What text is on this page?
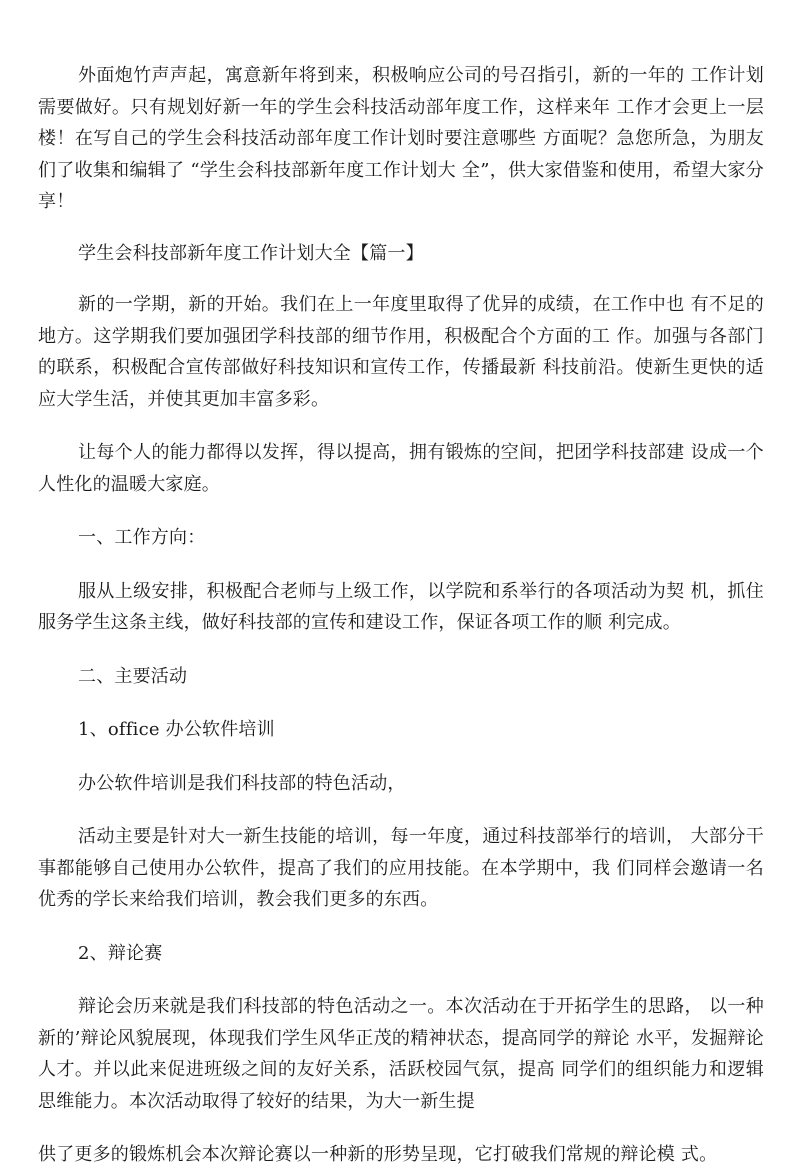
外面炮竹声声起，寓意新年将到来，积极响应公司的号召指引，新的一年的 工作计划需要做好。只有规划好新一年的学生会科技活动部年度工作，这样来年 工作才会更上一层楼！在写自己的学生会科技活动部年度工作计划时要注意哪些 方面呢？急您所急，为朋友们了收集和编辑了 “学生会科技部新年度工作计划大 全”，供大家借鉴和使用，希望大家分享！

学生会科技部新年度工作计划大全【篇一】

新的一学期，新的开始。我们在上一年度里取得了优异的成绩，在工作中也 有不足的地方。这学期我们要加强团学科技部的细节作用，积极配合个方面的工 作。加强与各部门的联系，积极配合宣传部做好科技知识和宣传工作，传播最新 科技前沿。使新生更快的适应大学生活，并使其更加丰富多彩。

让每个人的能力都得以发挥，得以提高，拥有锻炼的空间，把团学科技部建 设成一个人性化的温暖大家庭。

一、工作方向：

服从上级安排，积极配合老师与上级工作，以学院和系举行的各项活动为契 机，抓住服务学生这条主线，做好科技部的宣传和建设工作，保证各项工作的顺 利完成。

二、主要活动

1、office 办公软件培训

办公软件培训是我们科技部的特色活动，

活动主要是针对大一新生技能的培训，每一年度，通过科技部举行的培训， 大部分干事都能够自己使用办公软件，提高了我们的应用技能。在本学期中，我 们同样会邀请一名优秀的学长来给我们培训，教会我们更多的东西。

2、辩论赛

辩论会历来就是我们科技部的特色活动之一。本次活动在于开拓学生的思路， 以一种新的’辩论风貌展现，体现我们学生风华正茂的精神状态，提高同学的辩论 水平，发掘辩论人才。并以此来促进班级之间的友好关系，活跃校园气氛，提高 同学们的组织能力和逻辑思维能力。本次活动取得了较好的结果，为大一新生提

供了更多的锻炼机会本次辩论赛以一种新的形势呈现，它打破我们常规的辩论模 式。
